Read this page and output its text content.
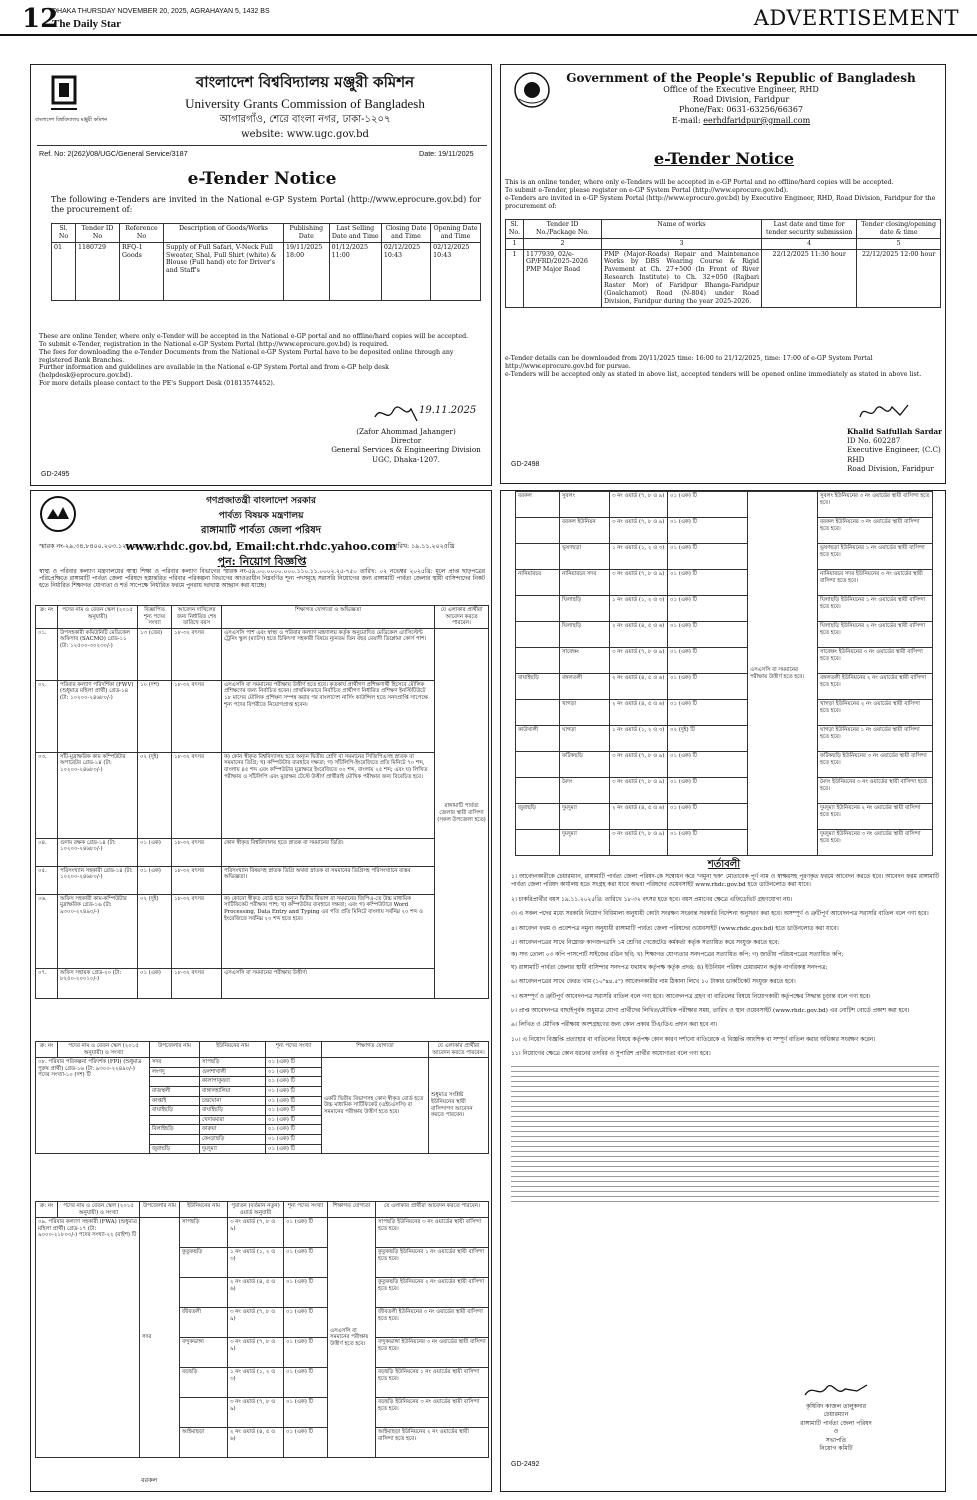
12
DHAKA THURSDAY NOVEMBER 20, 2025, AGRAHAYAN 5, 1432 BS
The Daily Star	ADVERTISEMENT
বাংলাদেশ বিশ্ববিদ্যালয় মঞ্জুরী কমিশন
বাংলাদেশ বিশ্ববিদ্যালয় মঞ্জুরী কমিশন
University Grants Commission of Bangladesh
আগারগাঁও, শেরে বাংলা নগর, ঢাকা-১২০৭
website: www.ugc.gov.bd
Ref. No: 2(262)/08/UGC/General Service/3187	Date: 19/11/2025
e-Tender Notice
The following e-Tenders are invited in the National e-GP System Portal (http://www.eprocure.gov.bd) for the procurement of:
Sl. No	Tender ID No	Reference No	Description of Goods/Works	Publishing Date	Last Selling Date and Time	Closing Date and Time	Opening Date and Time
01	1180729	RFQ-1 Goods	Supply of Full Safari, V-Neck Full Sweater, Shal, Full Shirt (white) & Blouse (Full hand) etc for Driver's and Staff's	19/11/2025 18:00	01/12/2025 11:00	02/12/2025 10:43	02/12/2025 10:43
These are online Tender, where only e-Tender will be accepted in the National e-GP portal and no offline/hard copies will be accepted.
To submit e-Tender, registration in the National e-GP System Portal (http://www.eprocure.gov.bd) is required.
The fees for downloading the e-Tender Documents from the National e-GP System Portal have to be deposited online through any registered Bank Branches.
Further information and guidelines are available in the National e-GP System Portal and from e-GP help desk (helpdesk@eprocure.gov.bd).
For more details please contact to the PE's Support Desk (01813574452).
19.11.2025
(Zafor Ahommad Jahanger)
Director
General Services & Engineering Division
UGC, Dhaka-1207.
GD-2495
Government of the People's Republic of Bangladesh
Office of the Executive Engineer, RHD
Road Division, Faridpur
Phone/Fax: 0631-63256/66367
E-mail: eerhdfaridpur@gmail.com
e-Tender Notice
This is an online tender, where only e-Tenders will be accepted in e-GP Portal and no offline/hard copies will be accepted.
To submit e-Tender, please register on e-GP System Portal (http://www.eprocure.gov.bd).
e-Tenders are invited in e-GP System Portal (http://www.eprocure.gov.bd) by Executive Engineer, RHD, Road Division, Faridpur for the procurement of:
Sl. No.	Tender ID No./Package No.	Name of works	Last date and time for tender security submission	Tender closing/opening date & time
1	2	3	4	5
1	1177939, 02/e-GP/FRD/2025-2026 PMP Major Road	PMP (Major-Roads) Repair and Maintenance Works by DBS Wearing Course & Rigid Pavement at Ch. 27+500 (In Front of River Research Institute) to Ch. 32+050 (Rajbari Raster Mor) of Faridpur Bhanga-Faridpur (Goalchamot) Road (N-804) under Road Division, Faridpur during the year 2025-2026.	22/12/2025 11:30 hour	22/12/2025 12:00 hour
e-Tender details can be downloaded from 20/11/2025 time: 16:00 to 21/12/2025, time: 17:00 of e-GP System Portal http://www.eprocure.gov.bd for pursue.
e-Tenders will be accepted only as stated in above list, accepted tenders will be opened online immediately as stated in above list.
Khalid Saifullah Sardar
ID No. 602287
Executive Engineer, (C.C) RHD
Road Division, Faridpur
GD-2498
গণপ্রজাতন্ত্রী বাংলাদেশ সরকার
পার্বত্য বিষয়ক মন্ত্রণালয়
রাঙ্গামাটি পার্বত্য জেলা পরিষদ
www.rhdc.gov.bd, Email:cht.rhdc.yahoo.com
স্মারক নং-২৯.৩৪.৮৪০০.২০৩.১২.০০১.১০১৮	তারিখ: ১৯.১১.২০২৫খ্রি
পুন: নিয়োগ বিজ্ঞপ্তি
স্বাস্থ্য ও পরিবার কল্যাণ মন্ত্রণালয়ের স্বাস্থ্য শিক্ষা ও পরিবার কল্যাণ বিভাগের স্মারক নং-৫৯.০০.০০০০.০০০.১১০.১১.০০০২.২৫-৭৫০ তারিখ: ০২ নভেম্বর ২০২৫খ্রি: মূলে প্রাপ্ত ছাড়পত্রের পরিপ্রেক্ষিতে রাঙ্গামাটি পার্বত্য জেলা পরিষদে হস্তান্তরিত পরিবার পরিকল্পনা বিভাগের আওতাধীন নিম্নবর্ণিত শূন্য পদসমূহে সরাসরি নিয়োগের জন্য রাঙ্গামাটি পার্বত্য জেলার স্থায়ী বাসিন্দাদের নিকট হতে নির্ধারিত শিক্ষাগত যোগ্যতা ও শর্ত সাপেক্ষে নির্ধারিত ফরমে পুনরায় দরখাস্ত আহ্বান করা যাচ্ছে।
ক্র: নং	পদের নাম ও বেতন স্কেল (২০১৫ অনুযায়ী)	বিজ্ঞাপিত শূন্য পদের সংখ্যা	আবেদন দাখিলের জন্য নির্ধারিত শেষ তারিখে বয়স	শিক্ষাগত যোগ্যতা ও অভিজ্ঞতা	যে এলাকার প্রার্থীরা আবেদন করতে পারবেন।
০১.	উপসহকারী কমিউনিটি মেডিকেল অফিসার (SACMO) গ্রেড-১১ (টা: ১২৫০০-৩০২৩০/-)	১৩ (তের)	১৮-৩২ বৎসর	এসএসসি পাশ এবং স্বাস্থ্য ও পরিবার কল্যাণ মন্ত্রণালয় কর্তৃক অনুমোদিত মেডিকেল এ্যাসিস্টেন্ট ট্রেনিং স্কুল (ম্যাটস) হতে চিকিৎসা সহকারী বিষয়ে ন্যূনতম তিন বছর মেয়াদী ডিপ্লোমা কোর্স পাশ।	রাঙ্গামাটি পার্বত্য জেলার স্থায়ী বাসিন্দা (সকল উপজেলা হতে)
০২.	পরিবার কল্যাণ পরিদর্শিকা (FWV) (শুধুমাত্র মহিলা প্রার্থী) গ্রেড-১৪ (টা: ১০২০০-২৪৬৮০/-)	১০ (দশ)	১৮-৩২ বৎসর	এসএসসি বা সমমানের পরীক্ষায় উত্তীর্ণ হতে হবে। কৃতকার্য প্রার্থীগণ প্রশিক্ষণার্থী হিসেবে মৌলিক প্রশিক্ষণের জন্য নির্বাচিত হবেন। প্রাথমিকভাবে নির্বাচিত প্রার্থীগণ নির্ধারিত প্রশিক্ষণ ইনস্টিটিউটে ১৮ মাসের মৌলিক প্রশিক্ষণ সম্পন্ন করার পর বাংলাদেশ নার্সিং কাউন্সিল হতে সনদপ্রাপ্তি সাপেক্ষে শূন্য পদের বিপরীতে নিয়োগপ্রাপ্ত হবেন।	
০৩.	সাঁট-মুদ্রাক্ষরিক কাম কম্পিউটার অপারেটর গ্রেড-১৪ (টা: ১০২০০-২৪৬৮০/-)	০২ (দুই)	১৮-৩২ বৎসর	ক) কোন স্বীকৃত বিশ্ববিদ্যালয় হতে অন্যূন দ্বিতীয় শ্রেণি বা সমমানের সিজিপিএসহ স্নাতক বা সমমানের ডিগ্রি; খ) কম্পিউটার ব্যবহারে দক্ষতা; গ) সাঁটলিপি-ইংরেজিতে প্রতি মিনিটে ৭০ শব্দ, বাংলায় ৪৫ শব্দ এবং কম্পিউটার মুদ্রাক্ষরে ইংরেজিতে ৩০ শব্দ, বাংলায় ২৫ শব্দ; এবং ঘ) লিখিত পরীক্ষায় ও সাঁটলিপি এবং মুদ্রাক্ষর টেস্টে উত্তীর্ণ প্রার্থীরাই মৌখিক পরীক্ষার জন্য বিবেচিত হবে।	
০৪.	গুদাম রক্ষক গ্রেড-১৪ (টা: ১০২০০-২৪৬৮০/-)	০১ (এক)	১৮-৩২ বৎসর	কোন স্বীকৃত বিশ্ববিদ্যালয় হতে স্নাতক বা সমমানের ডিগ্রি।	
০৫.	পরিসংখ্যান সহকারী গ্রেড-১৪ (টা: ১০২০০-২৪৬৮০/-)	০১ (এক)	১৮-৩২ বৎসর	পরিসংখ্যান বিষয়সহ স্নাতক ডিগ্রি অথবা স্নাতক বা সমমানের ডিগ্রিসহ পরিসংখ্যানে বাস্তব অভিজ্ঞতা।	
০৬.	অফিস সহকারী কাম-কম্পিউটার মুদ্রাক্ষরিক গ্রেড-১৬ (টা: ৯৩০০-২২৪৯০/-)	০২ (দুই)	১৮-৩২ বৎসর	ক) কোনো স্বীকৃত বোর্ড হতে অন্যূন দ্বিতীয় বিভাগ বা সমমানের জিপিএ-তে উচ্চ মাধ্যমিক সার্টিফিকেট পরীক্ষায় পাশ; খ) কম্পিউটার ব্যবহারে দক্ষতা; এবং গ) কম্পিউটারে Word Processing, Data Entry and Typing এর গতি প্রতি মিনিটে বাংলায় সর্বনিম্ন ২০ শব্দ ও ইংরেজিতে সর্বনিম্ন ২০ শব্দ হতে হবে।	
০৭.	অফিস সহায়ক গ্রেড-২০ (টা: ৮২৫০-২০০১০/-)	০১ (এক)	১৮-৩২ বৎসর	এসএসসি বা সমমানের পরীক্ষায় উত্তীর্ণ।	
ক্র: নং	পদের নাম ও বেতন স্কেল (২০১৫ অনুযায়ী) ও সংখ্যা	উপজেলার নাম	ইউনিয়নের নাম	শূন্য পদের সংখ্যা	শিক্ষাগত যোগ্যতা	যে এলাকার প্রার্থীরা আবেদন করতে পারবেন।
০৮. পরিবার পরিকল্পনা পরিদর্শক (FPI) (শুধুমাত্র পুরুষ প্রার্থী) গ্রেড-১৬ (টা: ৯৩০০-২২৪৯০/-) পদের সংখ্যা-১০ (দশ) টি		সদর	সাপছড়ি	০১ (এক) টি	একটি দ্বিতীয় বিভাগসহ কোন স্বীকৃত বোর্ড হতে উচ্চ মাধ্যমিক সার্টিফিকেট (এইচএসসি) বা সমমানের পরীক্ষায় উত্তীর্ণ হতে হবে।	শুধুমাত্র সংশ্লিষ্ট ইউনিয়নের স্থায়ী বাসিন্দাগণ আবেদন করতে পারবেন।
		লংগদু	গুলশাখালী	০১ (এক) টি		
			কালাপাকুজ্যা	০১ (এক) টি		
		রাজস্থলী	বাঙ্গালহালিয়া	০১ (এক) টি		
		কাপ্তাই	চন্দ্রঘোনা	০১ (এক) টি		
		বাঘাইছড়ি	বাঘাইছড়ি	০১ (এক) টি		
			খেদারমারা	০১ (এক) টি		
		বিলাইছড়ি	ফারুয়া	০১ (এক) টি		
			কেংড়াছড়ি	০১ (এক) টি		
		জুরাছড়ি	দুমদুম্যা	০১ (এক) টি		
ক্র: নং	পদের নাম ও বেতন স্কেল (২০১৫ অনুযায়ী) ও সংখ্যা	উপজেলার নাম	ইউনিয়নের নাম	পুরাতন (বর্তমান নতুন) ওয়ার্ড অনুযায়ী	শূন্য পদের সংখ্যা	শিক্ষাগত যোগ্যতা	যে এলাকার প্রার্থীরা আবেদন করতে পারবেন।
০৯. পরিবার কল্যাণ সহকারী (FWA) (শুধুমাত্র মহিলা প্রার্থী) গ্রেড-১৭ (টা: ৯০০০-২১৮০০/-) পদের সংখ্যা-২২ (বাইশ) টি		সদর	সাপছড়ি	৩ নং ওয়ার্ড (৭, ৮ ও ৯)	০১ (এক) টি	এসএসসি বা সমমানের পরীক্ষায় উত্তীর্ণ হতে হবে।	সাপছড়ি ইউনিয়নের ৩ নং ওয়ার্ডের স্থায়ী বাসিন্দা হতে হবে।
			কুতুকছড়ি	১ নং ওয়ার্ড (১, ২ ও ৩)	০১ (এক) টি		কুতুকছড়ি ইউনিয়নের ১ নং ওয়ার্ডের স্থায়ী বাসিন্দা হতে হবে।
				২ নং ওয়ার্ড (৪, ৫ ও ৬)	০১ (এক) টি		কুতুকছড়ি ইউনিয়নের ২ নং ওয়ার্ডের স্থায়ী বাসিন্দা হতে হবে।
			জীবতলী	৩ নং ওয়ার্ড (৭, ৮ ও ৯)	০১ (এক) টি		জীবতলী ইউনিয়নের ৩ নং ওয়ার্ডের স্থায়ী বাসিন্দা হতে হবে।
			বন্দুকভাঙ্গা	৩ নং ওয়ার্ড (৭, ৮ ও ৯)	০১ (এক) টি		বন্দুকভাঙ্গা ইউনিয়নের ৩ নং ওয়ার্ডের স্থায়ী বাসিন্দা হতে হবে।
			বড়ছড়ি	১ নং ওয়ার্ড (১, ২ ও ৩)	০১ (এক) টি		বড়ছড়ি ইউনিয়নের ১ নং ওয়ার্ডের স্থায়ী বাসিন্দা হতে হবে।
				৩ নং ওয়ার্ড (৭, ৮ ও ৯)	০১ (এক) টি		বড়ছড়ি ইউনিয়নের ৩ নং ওয়ার্ডের স্থায়ী বাসিন্দা হতে হবে।
			আইমাছড়া	২ নং ওয়ার্ড (৪, ৫ ও ৬)	০১ (এক) টি		আইমাছড়া ইউনিয়নের ২ নং ওয়ার্ডের স্থায়ী বাসিন্দা হতে হবে।
বরকল
বরকল	সুবলং	৩ নং ওয়ার্ড (৭, ৮ ও ৯)	০১ (এক) টি	এসএসসি বা সমমানের পরীক্ষায় উত্তীর্ণ হতে হবে।	সুবলং ইউনিয়নের ৩ নং ওয়ার্ডের স্থায়ী বাসিন্দা হতে হবে।
	বরকল ইউনিয়ন	৩ নং ওয়ার্ড (৭, ৮ ও ৯)	০১ (এক) টি		বরকল ইউনিয়নের ৩ নং ওয়ার্ডের স্থায়ী বাসিন্দা হতে হবে।
	ভূষণছড়া	১ নং ওয়ার্ড (১, ২ ও ৩)	০১ (এক) টি		ভূষণছড়া ইউনিয়নের ১ নং ওয়ার্ডের স্থায়ী বাসিন্দা হতে হবে।
নানিয়ারচর	নানিয়ারচর সদর	৩ নং ওয়ার্ড (৭, ৮ ও ৯)	০১ (এক) টি		নানিয়ারচর সদর ইউনিয়নের ৩ নং ওয়ার্ডের স্থায়ী বাসিন্দা হতে হবে।
	ঘিলাছড়ি	১ নং ওয়ার্ড (১, ২ ও ৩)	০১ (এক) টি		ঘিলাছড়ি ইউনিয়নের ১ নং ওয়ার্ডের স্থায়ী বাসিন্দা হতে হবে।
	ঘিলাছড়ি	২ নং ওয়ার্ড (৪, ৫ ও ৬)	০১ (এক) টি		ঘিলাছড়ি ইউনিয়নের ২ নং ওয়ার্ডের স্থায়ী বাসিন্দা হতে হবে।
	সাবেক্ষং	৩ নং ওয়ার্ড (৭, ৮ ও ৯)	০১ (এক) টি		সাবেক্ষং ইউনিয়নের ৩ নং ওয়ার্ডের স্থায়ী বাসিন্দা হতে হবে।
বাঘাইছড়ি	বঙ্গলতলী	২ নং ওয়ার্ড (৪, ৫ ও ৬)	০১ (এক) টি		বঙ্গলতলী ইউনিয়নের ২ নং ওয়ার্ডের স্থায়ী বাসিন্দা হতে হবে।
	খাগড়া	২ নং ওয়ার্ড (৪, ৫ ও ৬)	০১ (এক) টি		খাগড়া ইউনিয়নের ২ নং ওয়ার্ডের স্থায়ী বাসিন্দা হতে হবে।
কাউখালী	ঘাগড়া	১ নং ওয়ার্ড (১, ২ ও ৩)	০২ (দুই) টি		ঘাগড়া ইউনিয়নের ১ নং ওয়ার্ডের স্থায়ী বাসিন্দা হতে হবে।
	ফটিকছড়ি	৩ নং ওয়ার্ড (৭, ৮ ও ৯)	০১ (এক) টি		ফটিকছড়ি ইউনিয়নের ৩ নং ওয়ার্ডের স্থায়ী বাসিন্দা হতে হবে।
	মৈদং	৩ নং ওয়ার্ড (৭, ৮ ও ৯)	০১ (এক) টি		মৈদং ইউনিয়নের ৩ নং ওয়ার্ডের স্থায়ী বাসিন্দা হতে হবে।
জুরাছড়ি	দুমদুম্যা	২ নং ওয়ার্ড (৪, ৫ ও ৬)	০১ (এক) টি		দুমদুম্যা ইউনিয়নের ২ নং ওয়ার্ডের স্থায়ী বাসিন্দা হতে হবে।
	দুমদুম্যা	৩ নং ওয়ার্ড (৭, ৮ ও ৯)	০১ (এক) টি		দুমদুম্যা ইউনিয়নের ৩ নং ওয়ার্ডের স্থায়ী বাসিন্দা হতে হবে।
শর্তাবলী
১। আবেদনকারীকে চেয়ারম্যান, রাঙ্গামাটি পার্বত্য জেলা পরিষদ-কে সম্বোধন করে "নমুনা ছক" মোতাবেক পূর্ণ নাম ও স্বাক্ষরসহ পূরণকৃত ফরমে আবেদন করতে হবে। আবেদন ফরম রাঙ্গামাটি পার্বত্য জেলা পরিষদ কার্যালয় হতে সংগ্রহ করা যাবে অথবা পরিষদের ওয়েবসাইট www.rhdc.gov.bd হতে ডাউনলোড করা যাবে।
২। চাকরিপ্রার্থীর বয়স ১৯.১১.২০২৫খ্রি: তারিখে ১৮-৩২ বৎসর হতে হবে। বয়স প্রমাণের ক্ষেত্রে এফিডেভিট গ্রহণযোগ্য নয়।
৩। এ সকল পদের মধ্যে সরকারি নিয়োগ বিধিমালা অনুযায়ী কোটা সংরক্ষণ সংক্রান্ত সরকারি নির্দেশনা অনুসরণ করা হবে। অসম্পূর্ণ ও ত্রুটিপূর্ণ আবেদনপত্র সরাসরি বাতিল বলে গণ্য হবে।
৪। আবেদন ফরম ও প্রবেশপত্র নমুনা অনুযায়ী রাঙ্গামাটি পার্বত্য জেলা পরিষদের ওয়েবসাইট (www.rhdc.gov.bd) হতে ডাউনলোড করা যাবে।
৫। আবেদনপত্রের সাথে নিম্নোক্ত কাগজপত্রাদি ১ম শ্রেণির গেজেটেড কর্মকর্তা কর্তৃক সত্যায়িত করে সংযুক্ত করতে হবে:
ক) সদ্য তোলা ০৩ কপি পাসপোর্ট সাইজের রঙিন ছবি; খ) শিক্ষাগত যোগ্যতার সনদপত্রের সত্যায়িত কপি; গ) জাতীয় পরিচয়পত্রের সত্যায়িত কপি;
ঘ) রাঙ্গামাটি পার্বত্য জেলার স্থায়ী বাসিন্দার সনদপত্র যথাযথ কর্তৃপক্ষ কর্তৃক প্রদত্ত; ঙ) ইউনিয়ন পরিষদ চেয়ারম্যান কর্তৃক নাগরিকত্ব সনদপত্র;
৬। আবেদনপত্রের সাথে ফেরত খাম (১০"x৪.৫") আবেদনকারীর নাম ঠিকানা লিখে ১০ টাকার ডাকটিকেট সংযুক্ত করতে হবে।
৭। অসম্পূর্ণ ও ত্রুটিপূর্ণ আবেদনপত্র সরাসরি বাতিল বলে গণ্য হবে। আবেদনপত্র গ্রহণ বা বাতিলের বিষয়ে নিয়োগকারী কর্তৃপক্ষের সিদ্ধান্ত চূড়ান্ত বলে গণ্য হবে।
৮। প্রাপ্ত আবেদনপত্র বাছাইপূর্বক শুধুমাত্র যোগ্য প্রার্থীদের লিখিত/মৌখিক পরীক্ষার সময়, তারিখ ও স্থান ওয়েবসাইট (www.rhdc.gov.bd) এর নোটিশ বোর্ডে প্রকাশ করা হবে।
৯। লিখিত ও মৌখিক পরীক্ষায় অংশগ্রহণের জন্য কোন প্রকার টিএ/ডিএ প্রদান করা হবে না।
১০। এ নিয়োগ বিজ্ঞপ্তি প্রত্যাহার বা বাতিলের বিষয়ে কর্তৃপক্ষ কোন কারণ দর্শানো ব্যতিরেকে এ বিজ্ঞপ্তি আংশিক বা সম্পূর্ণ বাতিল করার অধিকার সংরক্ষণ করেন।
১১। নিয়োগের ক্ষেত্রে কোন ধরনের তদবির ও সুপারিশ প্রার্থীর অযোগ্যতা বলে গণ্য হবে।
কৃষিবিদ কাজল তালুকদার
চেয়ারম্যান
রাঙ্গামাটি পার্বত্য জেলা পরিষদ
ও
সভাপতি
নিয়োগ কমিটি
GD-2492
